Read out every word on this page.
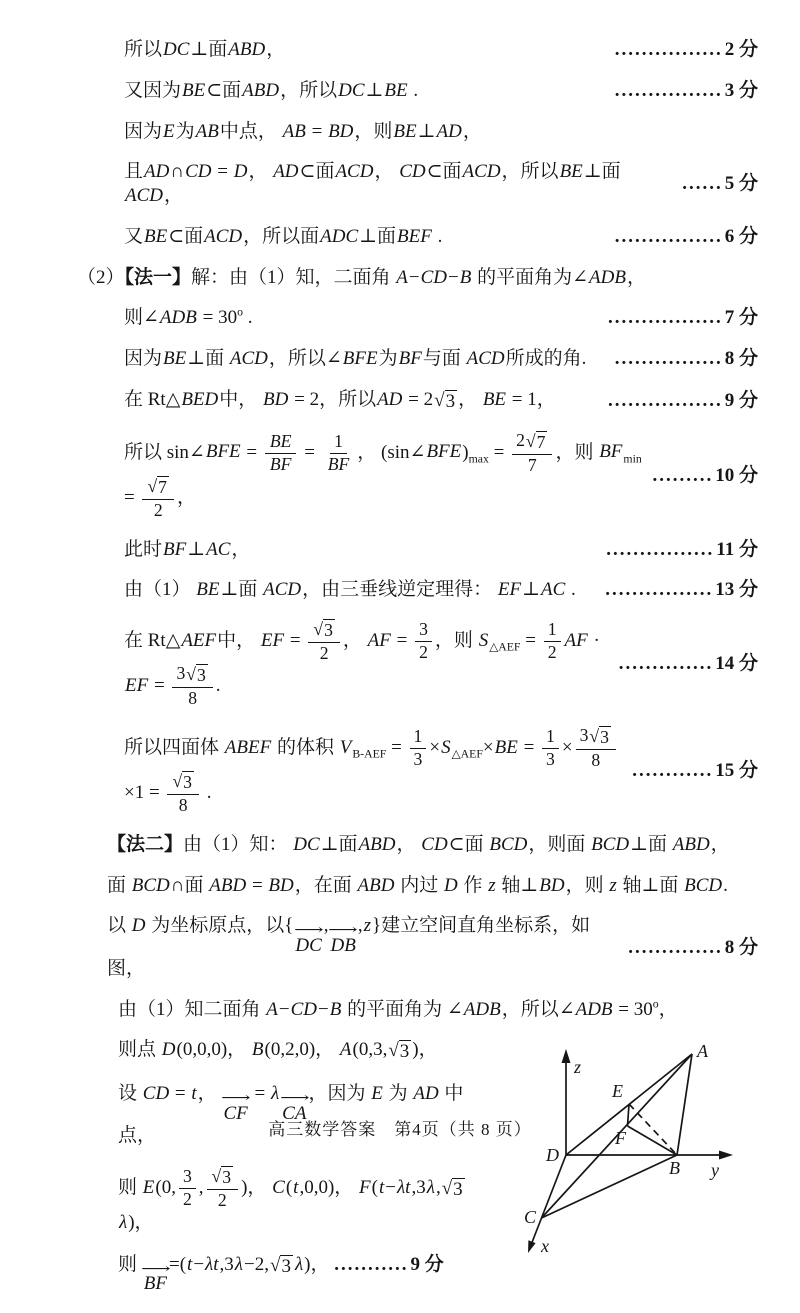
所以DC⊥面ABD，	................ 2 分
又因为BE⊂面ABD，所以DC⊥BE .	................ 3 分
因为E为AB中点， AB = BD，则BE⊥AD，
且AD∩CD = D， AD⊂面ACD， CD⊂面ACD，所以BE⊥面ACD，
...... 5 分
又BE⊂面ACD，所以面ADC⊥面BEF .	................ 6 分
（2）【法一】解：由（1）知，二面角 A−CD−B 的平面角为∠ADB，
则∠ADB = $30^o$ .	................. 7 分
因为BE⊥面 ACD，所以∠BFE为BF与面 ACD所成的角. ................ 8 分
在 Rt△BED中， BD = 2，所以AD = 2 √ 3 ， BE = 1，	................. 9 分
所以 sin∠BFE = $\frac{BE}{BF} = \frac{1}{BF}$ ， $(\sin\angle BFE)_{max} = \frac{2 √ 7}{7}$ ，则 $BF_{min} = \frac{√ 7}{2}$ ，
......... 10 分
此时BF⊥AC，	................ 11 分
由（1） BE⊥面 ACD，由三垂线逆定理得： EF⊥AC . ................ 13 分
在 Rt△AEF中， EF = $\frac{√ 3}{2}$ ， AF = $\frac{3}{2}$ ，则 $S_{\triangle AEF} = \frac{1}{2}$ AF · EF = $\frac{3 √ 3}{8}$ .
.............. 14 分
所以四面体 ABEF 的体积 $V_{B-AEF} = \frac{1}{3} \times S_{\triangle AEF}\times BE = \frac{1}{3} \times \frac{3 √ 3}{8}$
$\times 1 = \frac{√ 3}{8}$ .
............ 15 分
【法二】由（1）知： DC⊥面ABD， CD⊂面 BCD，则面 BCD⊥面 ABD，
面 BCD∩面 ABD = BD，在面 ABD 内过 D 作 z 轴⊥BD，则 z 轴⊥面 BCD.
以 D 为坐标原点，以{ ⟶
DC
, ⟶
DB
,z}建立空间直角坐标系，如图，
.............. 8 分
由（1）知二面角 A−CD−B 的平面角为 ∠ADB，所以∠ADB = $30^o$，
则点 D(0,0,0)， B(0,2,0)， A(0,3, √ 3 )，
设 CD = t， ⟶
CF
= λ ⟶
CA
，因为 E 为 AD 中点，
则 E(0, $\frac{3}{2}$ , $\frac{√ 3}{2}$ )， C(t,0,0)， F(t−λt,3λ, √ 3
λ)，
则
⟶
BF
=(t−λt,3λ−2, √ 3 λ)， ........... 9 分
z
y
x
A
B
C
D
E
F
高三数学答案　第4页（共 8 页）
